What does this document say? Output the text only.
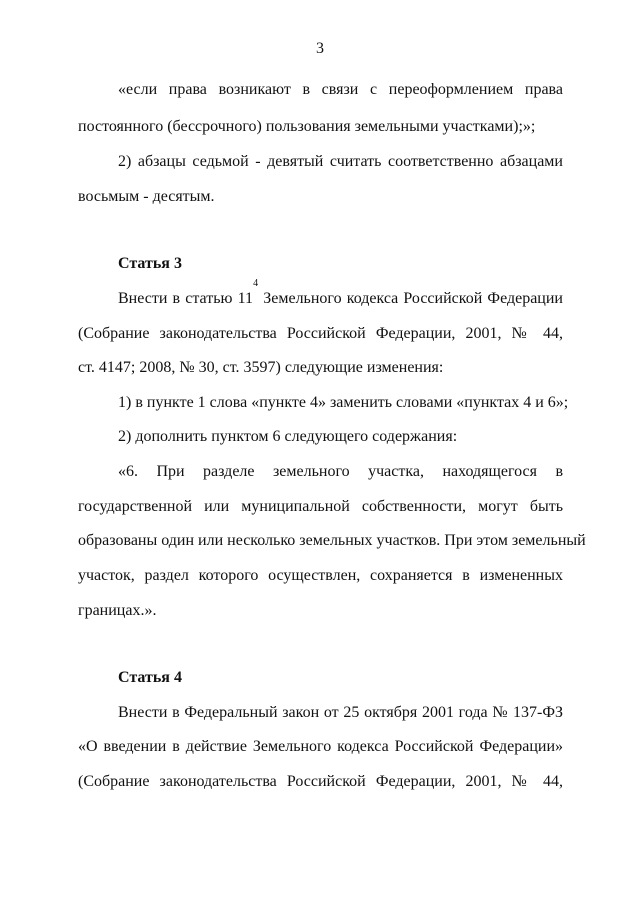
3
«если права возникают в связи с переоформлением права
постоянного (бессрочного) пользования земельными участками);»;
2) абзацы седьмой - девятый считать соответственно абзацами
восьмым - десятым.
Статья 3
Внести в статью $11^4$ Земельного кодекса Российской Федерации
(Собрание законодательства Российской Федерации, 2001, № 44,
ст. 4147; 2008, № 30, ст. 3597) следующие изменения:
1) в пункте 1 слова «пункте 4» заменить словами «пунктах 4 и 6»;
2) дополнить пунктом 6 следующего содержания:
«6. При разделе земельного участка, находящегося в
государственной или муниципальной собственности, могут быть
образованы один или несколько земельных участков. При этом земельный
участок, раздел которого осуществлен, сохраняется в измененных
границах.».
Статья 4
Внести в Федеральный закон от 25 октября 2001 года № 137-ФЗ
«О введении в действие Земельного кодекса Российской Федерации»
(Собрание законодательства Российской Федерации, 2001, № 44,
